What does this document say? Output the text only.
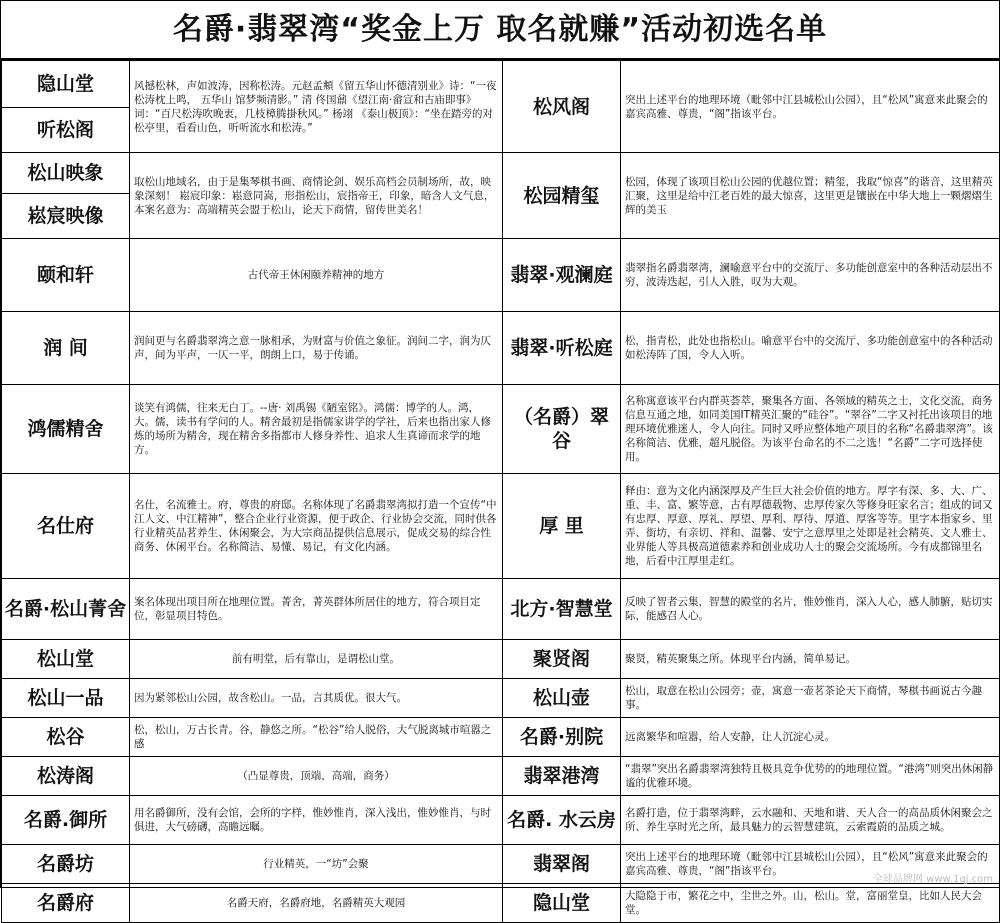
名爵·翡翠湾“奖金上万 取名就赚”活动初选名单
隐山堂	风撼松林，声如波涛，因称松涛。元赵孟頫《留五华山怀德清别业》诗：“一夜松涛枕上鸣， 五华山 馆梦频清影。” 清 佟国鼐《望江南·畲宣和古庙即事》词：“百尺松涛吹晚衷，几枝樟腾掛秋风。” 杨翊 《泰山极顶》：“坐在踏旁的对松亭里，看看山色，听听流水和松涛。”	松风阁	突出上述平台的地理环境（毗邻中江县城松山公园），且“松风”寓意来此聚会的嘉宾高雅、尊贵，“阁”指该平台。
听松阁			
松山映象	取松山地域名，由于是集琴棋书画、商情论剑、娱乐高档会员制场所，故，映象深刻！ 崧宸印象：崧意同嵩，形指松山，宸指帝王，印象，暗含人文气息，本案名意为：高端精英会盟于松山，论天下商情，留传世美名！	松园精玺	松园，体现了该项目松山公园的优越位置；精玺，我取“惊喜”的谐音，这里精英汇聚，这里是给中江老百姓的最大惊喜，这里更是镶嵌在中华大地上一颗熠熠生辉的美玉
崧宸映像			
颐和轩	古代帝王休闲颐养精神的地方	翡翠·观澜庭	翡翠指名爵翡翠湾，澜喻意平台中的交流厅、多功能创意室中的各种活动层出不穷，波涛迭起，引人入胜，叹为大观。
润 间	润间更与名爵翡翠湾之意一脉相承，为财富与价值之象征。润间二字，润为仄声，间为平声，一仄一平，朗朗上口，易于传诵。	翡翠·听松庭	松，指青松，此处也指松山。喻意平台中的交流厅、多功能创意室中的各种活动如松涛阵了国，令人入听。
鸿儒精舍	谈笑有鸿儒，往来无白丁。--唐· 刘禹锡《陋室铭》。鸿儒：博学的人。鸿，大。儒，读书有学问的人。精舍最初是指儒家讲学的学社，后来也指出家人修炼的场所为精舍，现在精舍多指都市人修身养性、追求人生真谛而求学的地方。	（名爵）翠谷	名称寓意该平台内群英荟萃，聚集各方面、各领域的精英之士，文化交流，商务信息互通之地，如同美国IT精英汇聚的“硅谷”。“翠谷”二字又衬托出该项目的地理环境优雅迷人，令人向往。同时又呼应整体地产项目的名称“名爵翡翠湾”。该名称简洁、优雅，超凡脱俗。为该平台命名的不二之选！“名爵”二字可选择使用。
名仕府	名仕，名流雅士。府，尊贵的府邸。名称体现了名爵翡翠湾拟打造一个宣传“中江人文、中江精神”，整合企业行业资源，便于政企、行业协会交流，同时供各行业精英品茗养生、休闲聚会，为大宗商品提供信息展示，促成交易的综合性商务、休闲平台。名称简洁、易懂、易记，有文化内涵。	厚 里	释由：意为文化内涵深厚及产生巨大社会价值的地方。厚字有深、多、大、广、重、丰、富、繁等意，古有厚德载物、忠厚传家久等修身旺家名言；组成的词又有忠厚、厚意、厚礼、厚望、厚利、厚待、厚道、厚客等等。里字本指家乡、里弄、街坊，有亲切、祥和、温馨、安宁之意厚里之处即是社会精英、文人雅士、业界能人等具极高道德素养和创业成功人士的聚会交流场所。今有成都锦里名地，后看中江厚里走红。
名爵·松山菁舍	案名体现出项目所在地理位置。菁舍，菁英群体所居住的地方，符合项目定位，彰显项目特色。	北方·智慧堂	反映了智者云集，智慧的殿堂的名片，惟妙惟肖，深入人心，感人肺腑，贴切实际，能感召人心。
松山堂	前有明堂，后有靠山，是谓松山堂。	聚贤阁	聚贤，精英聚集之所。体现平台内涵，简单易记。
松山一品	因为紧邻松山公园，故含松山。一品，言其质优。很大气。	松山壶	松山，取意在松山公园旁；壶，寓意一壶茗茶论天下商情，琴棋书画说古今趣事。
松谷	松，松山，万古长青。谷，静悠之所。“松谷”给人脱俗，大气脱离城市喧嚣之感	名爵·别院	远离繁华和喧嚣，给人安静，让人沉淀心灵。
松涛阁	（凸显尊贵，顶端，高端，商务）	翡翠港湾	“翡翠”突出名爵翡翠湾独特且极具竞争优势的的地理位置。“港湾”则突出休闲静谧的优雅环境。
名爵.御所	用名爵御所，没有会馆，会所的字样，惟妙惟肖，深入浅出，惟妙惟肖，与时俱进，大气磅礴，高瞻远瞩。	名爵. 水云房	名爵打造，位于翡翠湾畔，云水融和、天地和谐、天人合一的高品质休闲聚会之所、养生享时光之所，最具魅力的云智慧建筑，云索霞蔚的品质之城。
名爵坊	行业精英，一“坊”会聚	翡翠阁	突出上述平台的地理环境（毗邻中江县城松山公园），且“松风”寓意来此聚会的嘉宾高雅、尊贵，“阁”指该平台。
名爵府	名爵天府，名爵府地，名爵精英大观园	隐山堂	大隐隐于市，繁花之中，尘世之外。山，松山。堂，富丽堂皇，比如人民大会堂。
全球品牌网 www.1qj.com
